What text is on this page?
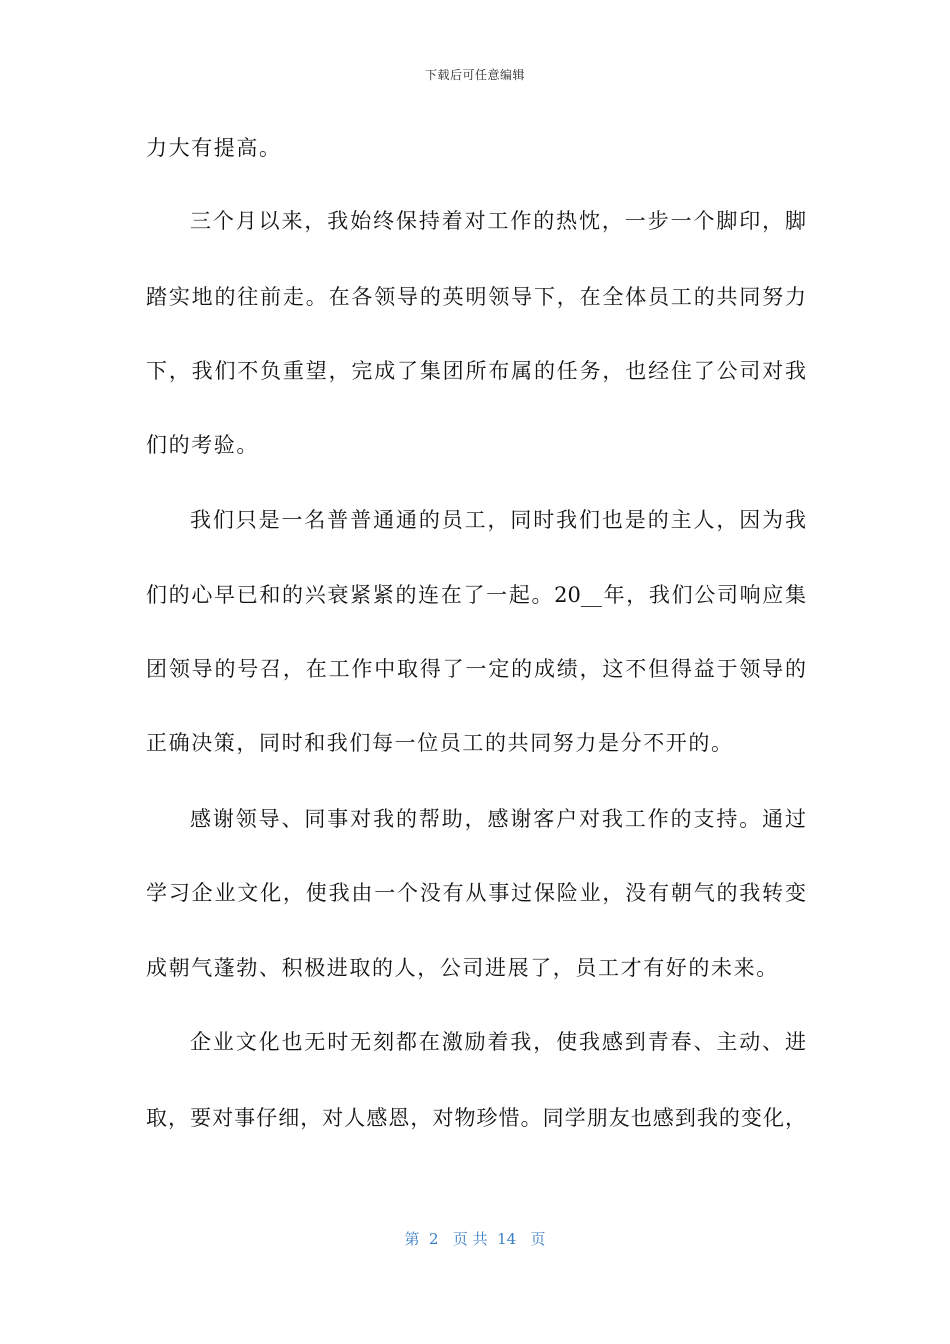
下载后可任意编辑
力大有提高。
三个月以来，我始终保持着对工作的热忱，一步一个脚印，脚
踏实地的往前走。在各领导的英明领导下，在全体员工的共同努力
下，我们不负重望，完成了集团所布属的任务，也经住了公司对我
们的考验。
我们只是一名普普通通的员工，同时我们也是的主人，因为我
们的心早已和的兴衰紧紧的连在了一起。20__年，我们公司响应集
团领导的号召，在工作中取得了一定的成绩，这不但得益于领导的
正确决策，同时和我们每一位员工的共同努力是分不开的。
感谢领导、同事对我的帮助，感谢客户对我工作的支持。通过
学习企业文化，使我由一个没有从事过保险业，没有朝气的我转变
成朝气蓬勃、积极进取的人，公司进展了，员工才有好的未来。
企业文化也无时无刻都在激励着我，使我感到青春、主动、进
取，要对事仔细，对人感恩，对物珍惜。同学朋友也感到我的变化，
第  2   页 共  14   页
